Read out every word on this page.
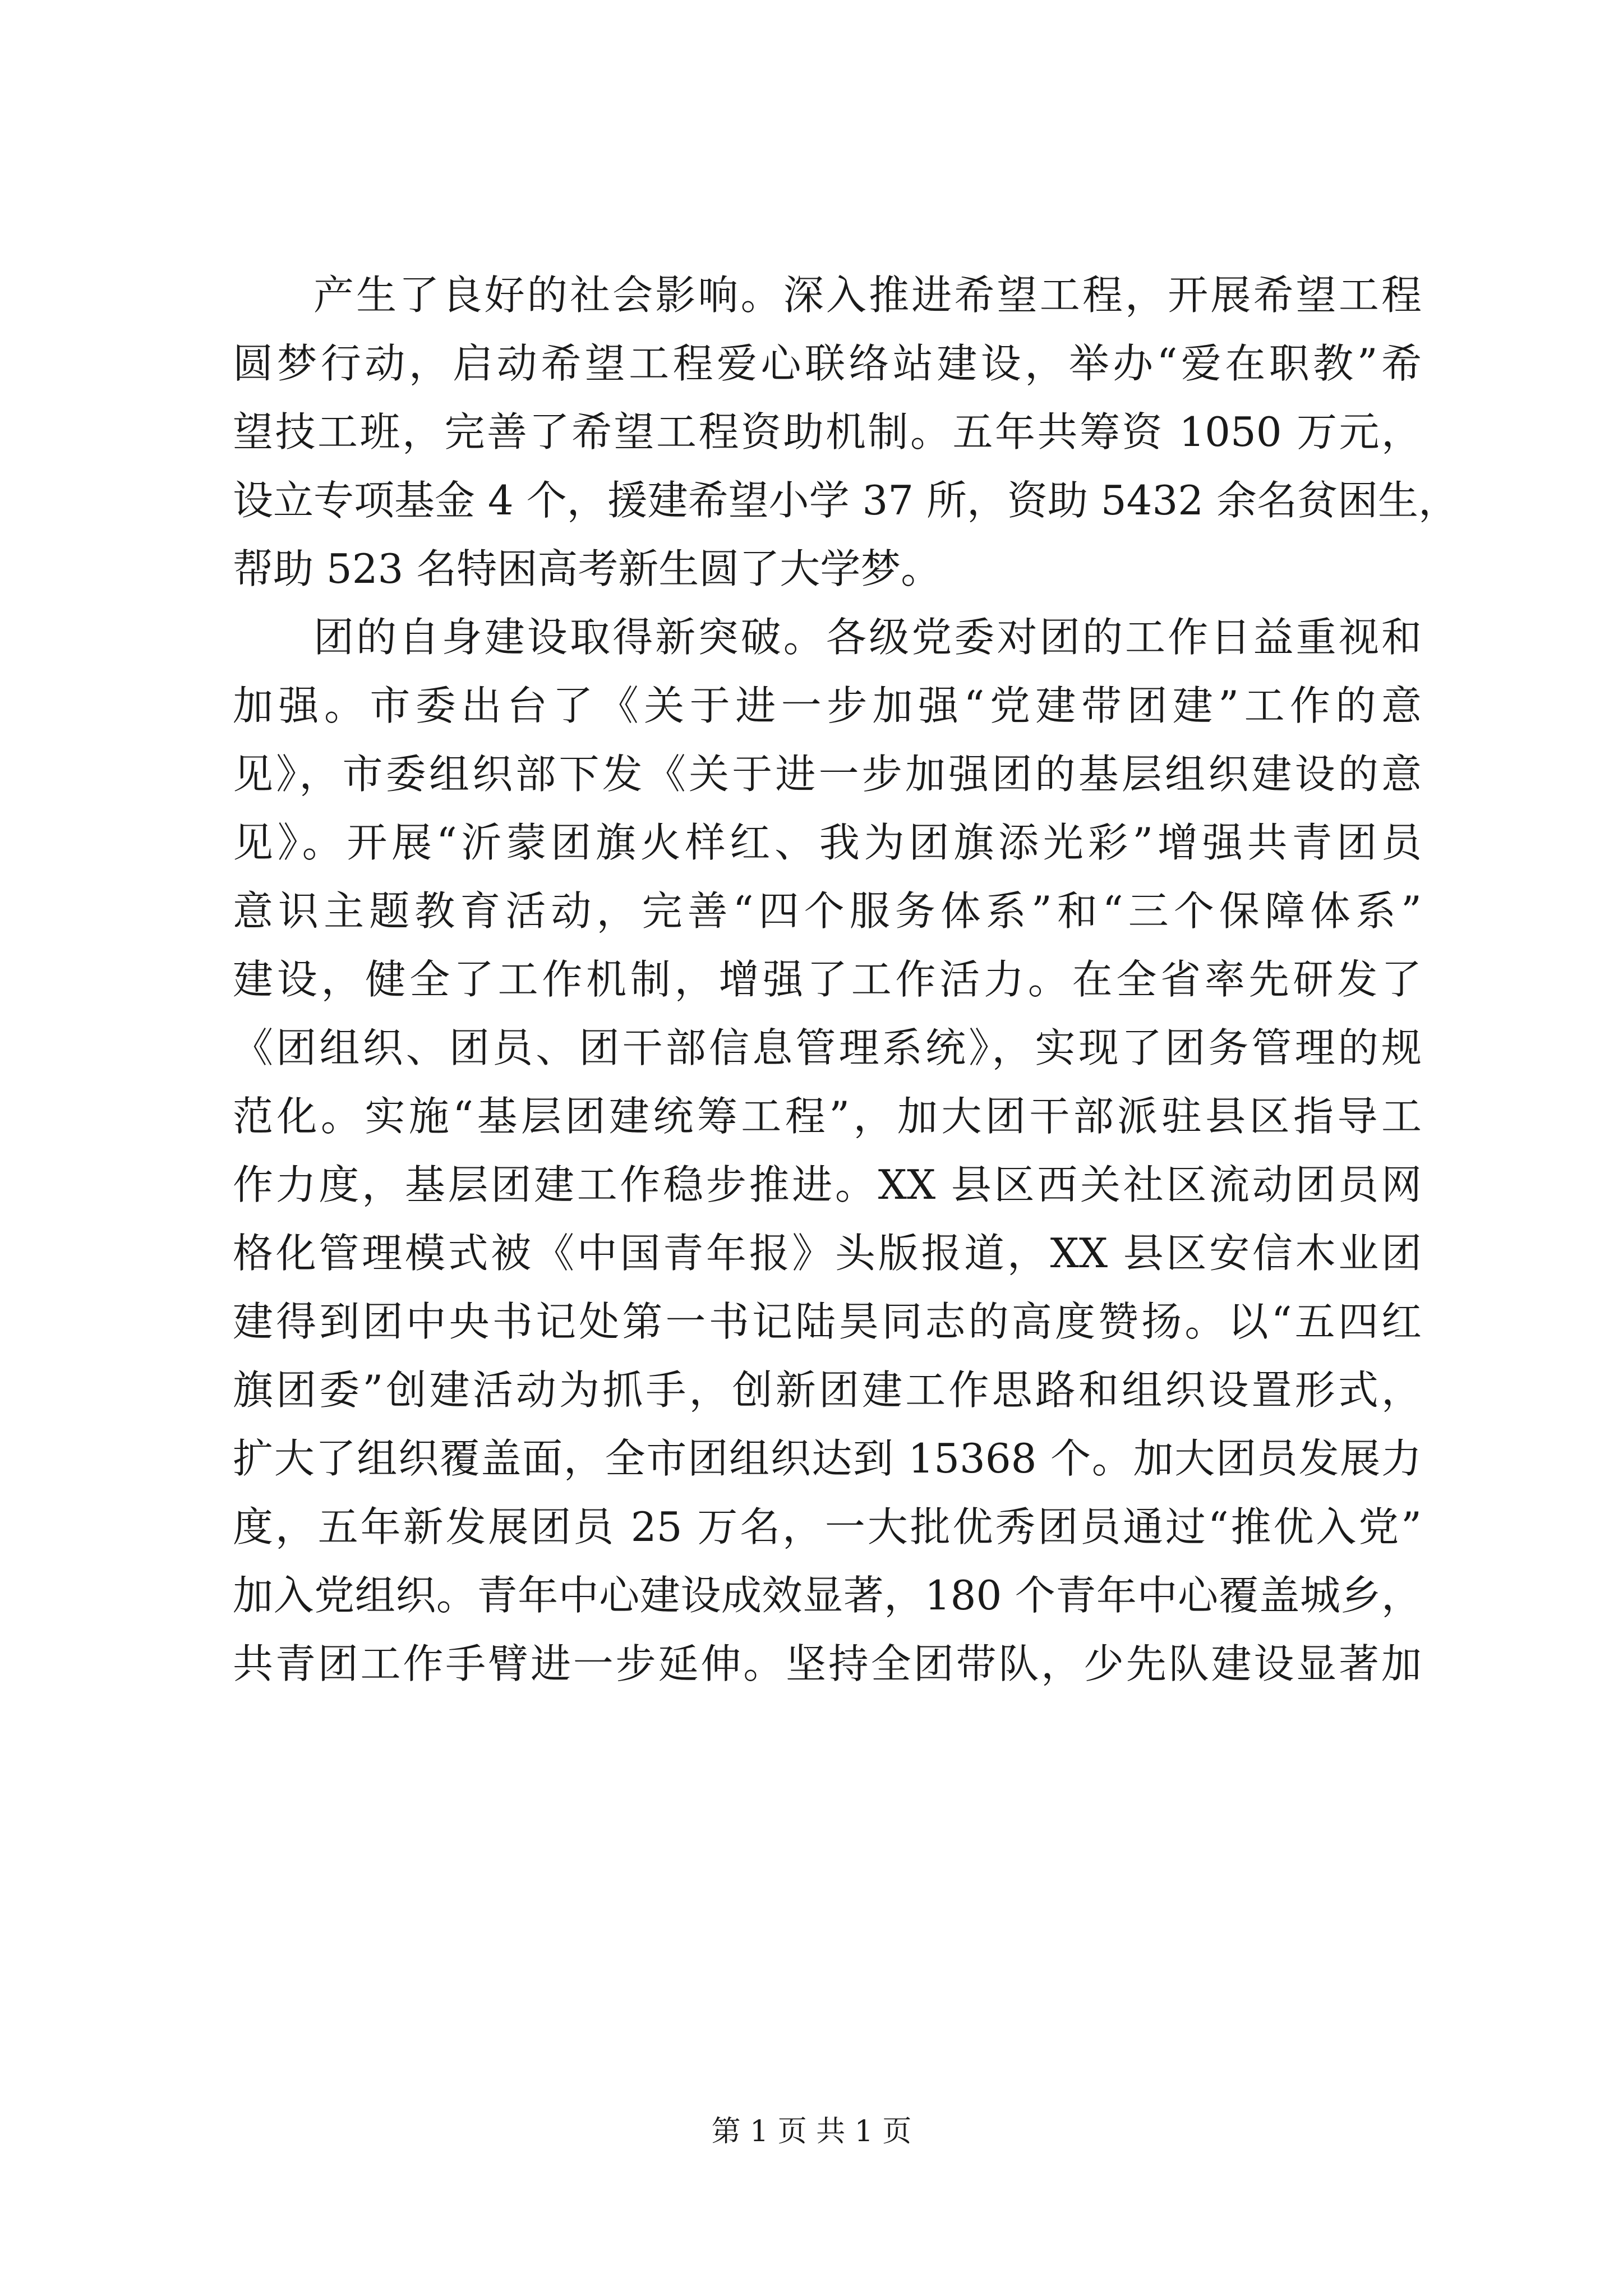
产生了良好的社会影响。深入推进希望工程，开展希望工程
圆梦行动，启动希望工程爱心联络站建设，举办“爱在职教”希
望技工班，完善了希望工程资助机制。五年共筹资 1050 万元，
设立专项基金 4 个，援建希望小学 37 所，资助 5432 余名贫困生，
帮助 523 名特困高考新生圆了大学梦。
团的自身建设取得新突破。各级党委对团的工作日益重视和
加强。市委出台了《关于进一步加强“党建带团建”工作的意
见》，市委组织部下发《关于进一步加强团的基层组织建设的意
见》。开展“沂蒙团旗火样红、我为团旗添光彩”增强共青团员
意识主题教育活动，完善“四个服务体系”和“三个保障体系”
建设，健全了工作机制，增强了工作活力。在全省率先研发了
《团组织、团员、团干部信息管理系统》，实现了团务管理的规
范化。实施“基层团建统筹工程”，加大团干部派驻县区指导工
作力度，基层团建工作稳步推进。XX 县区西关社区流动团员网
格化管理模式被《中国青年报》头版报道，XX 县区安信木业团
建得到团中央书记处第一书记陆昊同志的高度赞扬。以“五四红
旗团委”创建活动为抓手，创新团建工作思路和组织设置形式，
扩大了组织覆盖面，全市团组织达到 15368 个。加大团员发展力
度，五年新发展团员 25 万名，一大批优秀团员通过“推优入党”
加入党组织。青年中心建设成效显著，180 个青年中心覆盖城乡，
共青团工作手臂进一步延伸。坚持全团带队，少先队建设显著加
第 1 页 共 1 页
